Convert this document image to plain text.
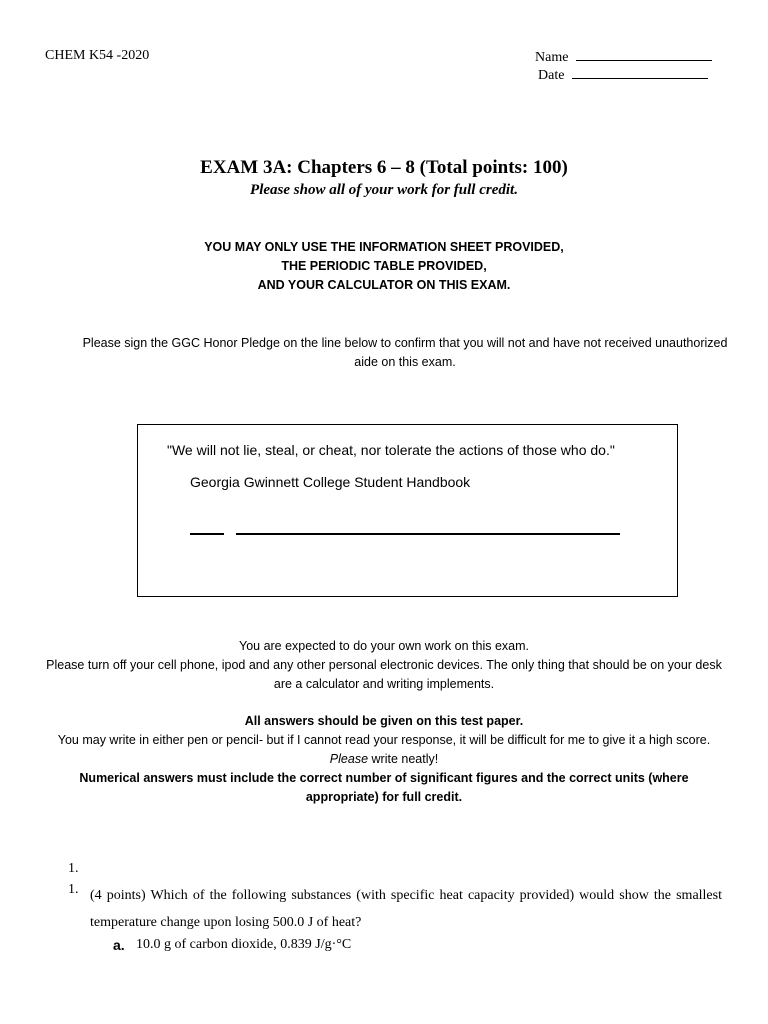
CHEM K54 -2020	Name
Date
EXAM 3A: Chapters 6 – 8 (Total points: 100)
Please show all of your work for full credit.
YOU MAY ONLY USE THE INFORMATION SHEET PROVIDED,
THE PERIODIC TABLE PROVIDED,
AND YOUR CALCULATOR ON THIS EXAM.
Please sign the GGC Honor Pledge on the line below to confirm that you will not and have not received unauthorized aide on this exam.
"We will not lie, steal, or cheat, nor tolerate the actions of those who do."
Georgia Gwinnett College Student Handbook
You are expected to do your own work on this exam.
Please turn off your cell phone, ipod and any other personal electronic devices. The only thing that should be on your desk are a calculator and writing implements.
All answers should be given on this test paper.
You may write in either pen or pencil- but if I cannot read your response, it will be difficult for me to give it a high score. Please write neatly!
Numerical answers must include the correct number of significant figures and the correct units (where appropriate) for full credit.
1.
1. (4 points) Which of the following substances (with specific heat capacity provided) would show the smallest temperature change upon losing 500.0 J of heat?
a. 10.0 g of carbon dioxide, 0.839 J/g·°C
